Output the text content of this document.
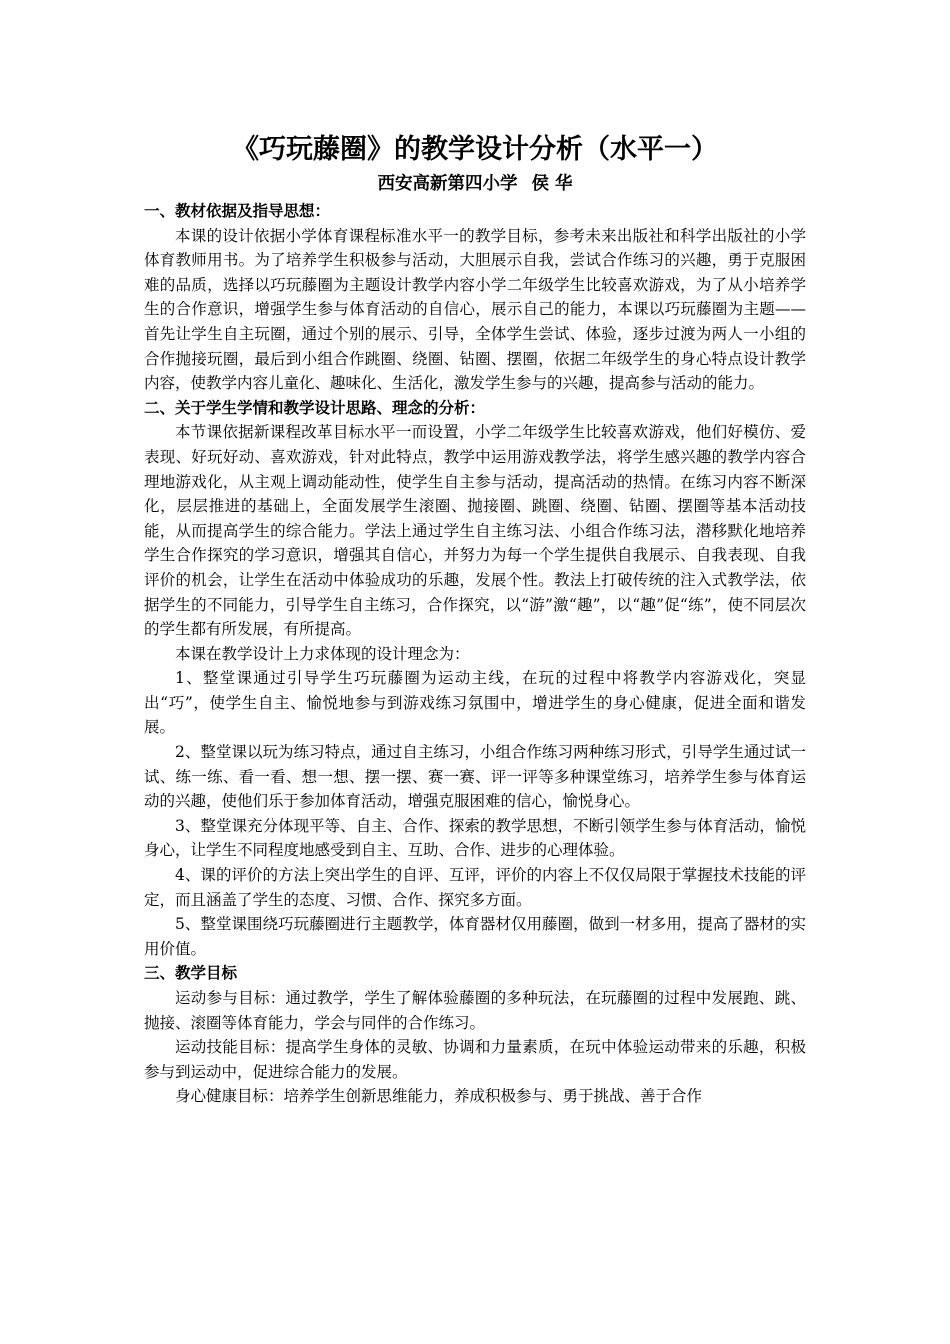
《巧玩藤圈》的教学设计分析（水平一）
西安高新第四小学 侯 华
一、教材依据及指导思想：

本课的设计依据小学体育课程标准水平一的教学目标，参考未来出版社和科学出版社的小学体育教师用书。为了培养学生积极参与活动，大胆展示自我，尝试合作练习的兴趣，勇于克服困难的品质，选择以巧玩藤圈为主题设计教学内容小学二年级学生比较喜欢游戏，为了从小培养学生的合作意识，增强学生参与体育活动的自信心，展示自己的能力，本课以巧玩藤圈为主题——首先让学生自主玩圈，通过个别的展示、引导，全体学生尝试、体验，逐步过渡为两人一小组的合作抛接玩圈，最后到小组合作跳圈、绕圈、钻圈、摆圈，依据二年级学生的身心特点设计教学内容，使教学内容儿童化、趣味化、生活化，激发学生参与的兴趣，提高参与活动的能力。

二、关于学生学情和教学设计思路、理念的分析：

本节课依据新课程改革目标水平一而设置，小学二年级学生比较喜欢游戏，他们好模仿、爱表现、好玩好动、喜欢游戏，针对此特点，教学中运用游戏教学法，将学生感兴趣的教学内容合理地游戏化，从主观上调动能动性，使学生自主参与活动，提高活动的热情。在练习内容不断深化，层层推进的基础上，全面发展学生滚圈、抛接圈、跳圈、绕圈、钻圈、摆圈等基本活动技能，从而提高学生的综合能力。学法上通过学生自主练习法、小组合作练习法，潜移默化地培养学生合作探究的学习意识，增强其自信心，并努力为每一个学生提供自我展示、自我表现、自我评价的机会，让学生在活动中体验成功的乐趣，发展个性。教法上打破传统的注入式教学法，依据学生的不同能力，引导学生自主练习，合作探究，以“游”激“趣”，以“趣”促“练”，使不同层次的学生都有所发展，有所提高。

本课在教学设计上力求体现的设计理念为：

1、整堂课通过引导学生巧玩藤圈为运动主线，在玩的过程中将教学内容游戏化，突显出“巧”，使学生自主、愉悦地参与到游戏练习氛围中，增进学生的身心健康，促进全面和谐发展。

2、整堂课以玩为练习特点，通过自主练习，小组合作练习两种练习形式，引导学生通过试一试、练一练、看一看、想一想、摆一摆、赛一赛、评一评等多种课堂练习，培养学生参与体育运动的兴趣，使他们乐于参加体育活动，增强克服困难的信心，愉悦身心。

3、整堂课充分体现平等、自主、合作、探索的教学思想，不断引领学生参与体育活动，愉悦身心，让学生不同程度地感受到自主、互助、合作、进步的心理体验。

4、课的评价的方法上突出学生的自评、互评，评价的内容上不仅仅局限于掌握技术技能的评定，而且涵盖了学生的态度、习惯、合作、探究多方面。

5、整堂课围绕巧玩藤圈进行主题教学，体育器材仅用藤圈，做到一材多用，提高了器材的实用价值。

三、教学目标

运动参与目标：通过教学，学生了解体验藤圈的多种玩法，在玩藤圈的过程中发展跑、跳、抛接、滚圈等体育能力，学会与同伴的合作练习。

运动技能目标：提高学生身体的灵敏、协调和力量素质，在玩中体验运动带来的乐趣，积极参与到运动中，促进综合能力的发展。

身心健康目标：培养学生创新思维能力，养成积极参与、勇于挑战、善于合作
